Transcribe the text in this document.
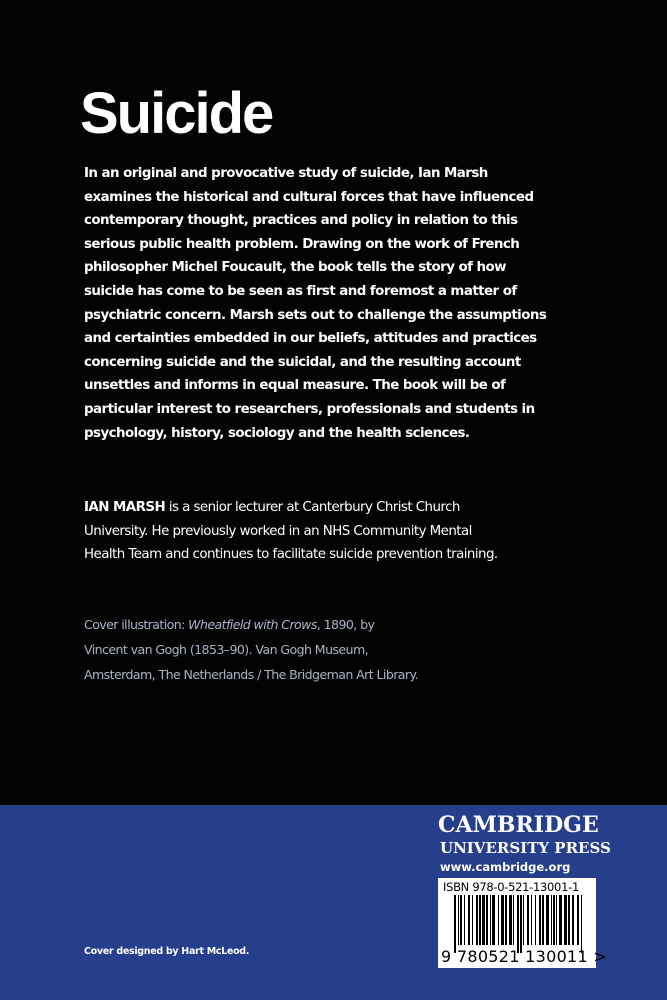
Suicide
In an original and provocative study of suicide, Ian Marsh
examines the historical and cultural forces that have influenced
contemporary thought, practices and policy in relation to this
serious public health problem. Drawing on the work of French
philosopher Michel Foucault, the book tells the story of how
suicide has come to be seen as first and foremost a matter of
psychiatric concern. Marsh sets out to challenge the assumptions
and certainties embedded in our beliefs, attitudes and practices
concerning suicide and the suicidal, and the resulting account
unsettles and informs in equal measure. The book will be of
particular interest to researchers, professionals and students in
psychology, history, sociology and the health sciences.
IAN MARSH is a senior lecturer at Canterbury Christ Church
University. He previously worked in an NHS Community Mental
Health Team and continues to facilitate suicide prevention training.
Cover illustration: Wheatfield with Crows, 1890, by
Vincent van Gogh (1853–90). Van Gogh Museum,
Amsterdam, The Netherlands / The Bridgeman Art Library.
Cover designed by Hart McLeod.
CAMBRIDGE
UNIVERSITY PRESS
www.cambridge.org
ISBN 978-0-521-13001-1
9 780521 130011 >
